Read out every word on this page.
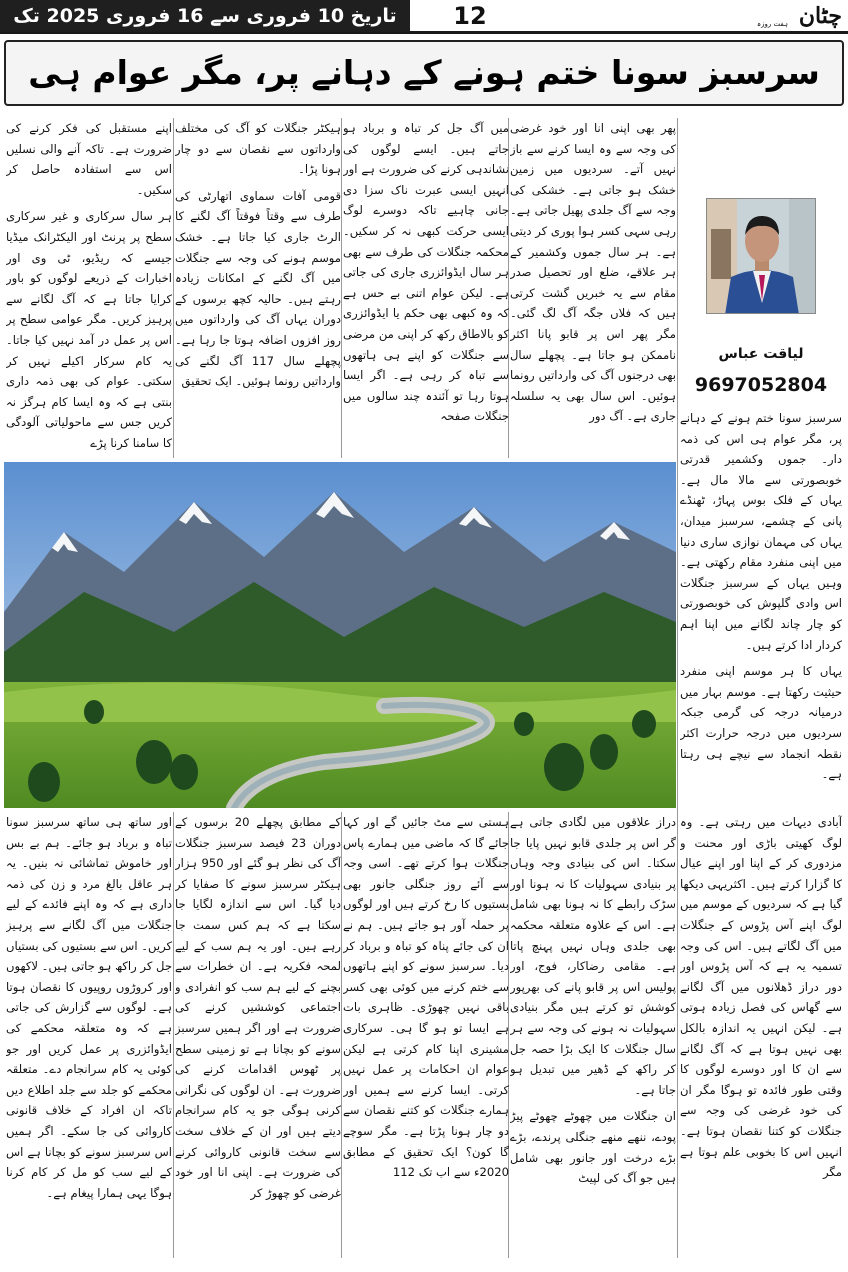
تاریخ 10 فروری سے 16 فروری 2025 تک	12	چٹان
ہفت روزہ
سرسبز سونا ختم ہونے کے دہانے پر، مگر عوام ہی
لیاقت عباس
9697052804

سرسبز سونا ختم ہونے کے دہانے پر، مگر عوام ہی اس کی ذمہ دار۔ جموں وکشمیر قدرتی خوبصورتی سے مالا مال ہے۔ یہاں کے فلک بوس پہاڑ، ٹھنڈے پانی کے چشمے، سرسبز میدان، یہاں کی مہمان نوازی ساری دنیا میں اپنی منفرد مقام رکھتی ہے۔ وہیں یہاں کے سرسبز جنگلات اس وادی گلپوش کی خوبصورتی کو چار چاند لگانے میں اپنا اہم کردار ادا کرتے ہیں۔

یہاں کا ہر موسم اپنی منفرد حیثیت رکھتا ہے۔ موسم بہار میں درمیانہ درجہ کی گرمی جبکہ سردیوں میں درجہ حرارت اکثر نقطہ انجماد سے نیچے ہی رہتا ہے۔

پھر بھی اپنی انا اور خود غرضی کی وجہ سے وہ ایسا کرنے سے باز نہیں آتے۔ سردیوں میں زمین خشک ہو جاتی ہے۔ خشکی کی وجہ سے آگ جلدی پھیل جاتی ہے۔ رہی سہی کسر ہوا پوری کر دیتی ہے۔ ہر سال جموں وکشمیر کے ہر علاقے، ضلع اور تحصیل صدر مقام سے یہ خبریں گشت کرتی ہیں کہ فلاں جگہ آگ لگ گئی۔ مگر پھر اس پر قابو پانا اکثر ناممکن ہو جاتا ہے۔ پچھلے سال بھی درجنوں آگ کی وارداتیں رونما ہوئیں۔ اس سال بھی یہ سلسلہ جاری ہے۔ آگ دور

میں آگ جل کر تباہ و برباد ہو جاتے ہیں۔ ایسے لوگوں کی نشاندہی کرنے کی ضرورت ہے اور انہیں ایسی عبرت ناک سزا دی جانی چاہیے تاکہ دوسرے لوگ ایسی حرکت کبھی نہ کر سکیں۔ محکمہ جنگلات کی طرف سے بھی ہر سال ایڈوائزری جاری کی جاتی ہے۔ لیکن عوام اتنی بے حس ہے کہ وہ کبھی بھی حکم یا ایڈوائزری کو بالاطاق رکھ کر اپنی من مرضی سے جنگلات کو اپنے ہی ہاتھوں سے تباہ کر رہی ہے۔ اگر ایسا ہوتا رہا تو آئندہ چند سالوں میں جنگلات صفحہ

ہیکٹر جنگلات کو آگ کی مختلف وارداتوں سے نقصان سے دو چار ہونا پڑا۔

قومی آفات سماوی اتھارٹی کی طرف سے وقتاً فوقتاً آگ لگنے کا الرٹ جاری کیا جاتا ہے۔ خشک موسم ہونے کی وجہ سے جنگلات میں آگ لگنے کے امکانات زیادہ رہتے ہیں۔ حالیہ کچھ برسوں کے دوران یہاں آگ کی وارداتوں میں روز افزوں اضافہ ہوتا جا رہا ہے۔ پچھلے سال 117 آگ لگنے کی وارداتیں رونما ہوئیں۔ ایک تحقیق

اپنے مستقبل کی فکر کرنے کی ضرورت ہے۔ تاکہ آنے والی نسلیں اس سے استفادہ حاصل کر سکیں۔

ہر سال سرکاری و غیر سرکاری سطح پر پرنٹ اور الیکٹرانک میڈیا جیسے کہ ریڈیو، ٹی وی اور اخبارات کے ذریعے لوگوں کو باور کرایا جاتا ہے کہ آگ لگانے سے پرہیز کریں۔ مگر عوامی سطح پر اس پر عمل در آمد نہیں کیا جاتا۔ یہ کام سرکار اکیلے نہیں کر سکتی۔ عوام کی بھی ذمہ داری بنتی ہے کہ وہ ایسا کام ہرگز نہ کریں جس سے ماحولیاتی آلودگی کا سامنا کرنا پڑے

آبادی دیہات میں رہتی ہے۔ وہ لوگ کھیتی باڑی اور محنت و مزدوری کر کے اپنا اور اپنے عیال کا گزارا کرتے ہیں۔ اکثریہی دیکھا گیا ہے کہ سردیوں کے موسم میں لوگ اپنے آس پڑوس کے جنگلات میں آگ لگاتے ہیں۔ اس کی وجہ تسمیہ یہ ہے کہ آس پڑوس اور دور دراز ڈھلانوں میں آگ لگانے سے گھاس کی فصل زیادہ ہوتی ہے۔ لیکن انہیں یہ اندازہ بالکل بھی نہیں ہوتا ہے کہ آگ لگانے سے ان کا اور دوسرے لوگوں کا وقتی طور فائدہ تو ہوگا مگر ان کی خود غرضی کی وجہ سے جنگلات کو کتنا نقصان ہوتا ہے۔ انہیں اس کا بخوبی علم ہوتا ہے مگر

دراز علاقوں میں لگادی جاتی ہے گر اس پر جلدی قابو نہیں پایا جا سکتا۔ اس کی بنیادی وجہ وہاں پر بنیادی سہولیات کا نہ ہونا اور سڑک رابطے کا نہ ہونا بھی شامل ہے۔ اس کے علاوہ متعلقہ محکمہ بھی جلدی وہاں نہیں پہنچ پاتا ہے۔ مقامی رضاکار، فوج، اور پولیس اس پر قابو پانے کی بھرپور کوشش تو کرتے ہیں مگر بنیادی سہولیات نہ ہونے کی وجہ سے ہر سال جنگلات کا ایک بڑا حصہ جل کر راکھ کے ڈھیر میں تبدیل ہو جاتا ہے۔

ان جنگلات میں چھوٹے چھوٹے پیڑ پودے، ننھے منھے جنگلی پرندے، بڑے بڑے درخت اور جانور بھی شامل ہیں جو آگ کی لپیٹ

ہستی سے مٹ جائیں گے اور کہا جائے گا کہ ماضی میں ہمارے پاس جنگلات ہوا کرتے تھے۔ اسی وجہ سے آئے روز جنگلی جانور بھی بستیوں کا رخ کرتے ہیں اور لوگوں پر حملہ آور ہو جاتے ہیں۔ ہم نے ان کی جائے پناہ کو تباہ و برباد کر دیا۔ سرسبز سونے کو اپنے ہاتھوں سے ختم کرنے میں کوئی بھی کسر باقی نہیں چھوڑی۔ ظاہری بات ہے ایسا تو ہو گا ہی۔ سرکاری مشینری اپنا کام کرتی ہے لیکن عوام ان احکامات پر عمل نہیں کرتی۔ ایسا کرنے سے ہمیں اور ہمارے جنگلات کو کتنے نقصان سے دو چار ہونا پڑتا ہے۔ مگر سوچے گا کون؟ ایک تحقیق کے مطابق 2020ء سے اب تک 112

کے مطابق پچھلے 20 برسوں کے دوران 23 فیصد سرسبز جنگلات آگ کی نظر ہو گئے اور 950 ہزار ہیکٹر سرسبز سونے کا صفایا کر دیا گیا۔ اس سے اندازہ لگایا جا سکتا ہے کہ ہم کس سمت جا رہے ہیں۔ اور یہ ہم سب کے لیے لمحہ فکریہ ہے۔ ان خطرات سے بچنے کے لیے ہم سب کو انفرادی و اجتماعی کوششیں کرنے کی ضرورت ہے اور اگر ہمیں سرسبز سونے کو بچانا ہے تو زمینی سطح پر ٹھوس اقدامات کرنے کی ضرورت ہے۔ ان لوگوں کی نگرانی کرنی ہوگی جو یہ کام سرانجام دیتے ہیں اور ان کے خلاف سخت سے سخت قانونی کاروائی کرنے کی ضرورت ہے۔ اپنی انا اور خود غرضی کو چھوڑ کر

اور ساتھ ہی ساتھ سرسبز سونا تباہ و برباد ہو جائے۔ ہم بے بس اور خاموش تماشائی نہ بنیں۔ یہ ہر عاقل بالغ مرد و زن کی ذمہ داری ہے کہ وہ اپنے فائدے کے لیے جنگلات میں آگ لگانے سے پرہیز کریں۔ اس سے بستیوں کی بستیاں جل کر راکھ ہو جاتی ہیں۔ لاکھوں اور کروڑوں روپیوں کا نقصان ہوتا ہے۔ لوگوں سے گزارش کی جاتی ہے کہ وہ متعلقہ محکمے کی ایڈوائزری پر عمل کریں اور جو کوئی یہ کام سرانجام دے۔ متعلقہ محکمے کو جلد سے جلد اطلاع دیں تاکہ ان افراد کے خلاف قانونی کاروائی کی جا سکے۔ اگر ہمیں اس سرسبز سونے کو بچانا ہے اس کے لیے سب کو مل کر کام کرنا ہوگا یہی ہمارا پیغام ہے۔
